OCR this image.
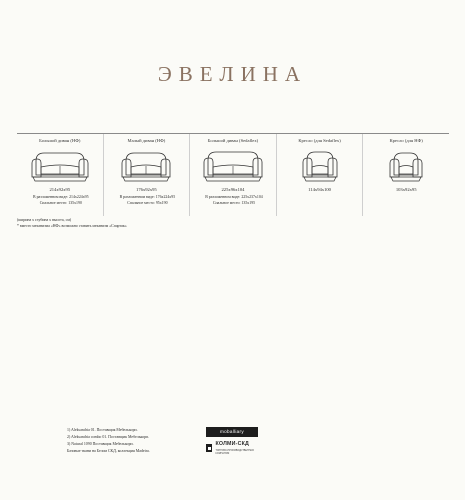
ЭВЕЛИНА
Большой диван (НФ)
214х92х95
В разложенном виде: 214х224х95
Спальное место: 135х190
Малый диван (НФ)
176х92х95
В разложенном виде: 176х224х95
Спальное место: 95х190
Большой диван (Sedaflex)
225х96х104
В разложенном виде: 225х237х104
Спальное место: 135х195
Кресло (для Sedaflex)
114х94х100
Кресло (для НФ)
103х92х95
(ширина х глубина х высота, см)
* вместо механизма «НФ» возможно ставить механизм «Спартак»
1) Aleksandria 01. Поставщик Мебелькорп.
2) Aleksandria combo 01. Поставщик Мебелькорп.
3) Natural 1090 Поставщик Мебелькорп.
Базовые ткани на Белом СКД, коллекция Madeira.
moballiary
КОЛМИ-СКД
ТОРГОВО-ПРОИЗВОДСТВЕННАЯ КОМПАНИЯ
